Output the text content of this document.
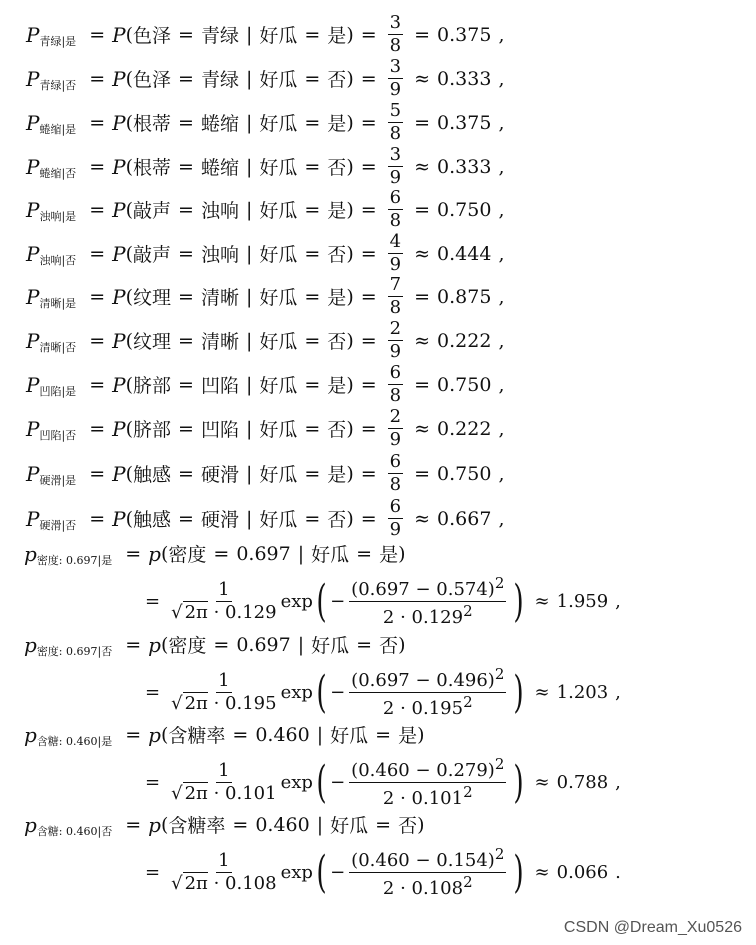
P 青绿|是 = P ( 色泽 = 青绿 | 好瓜 = 是 ) = $\frac{3}{8} = 0.375$ ,
P 青绿|否 = P ( 色泽 = 青绿 | 好瓜 = 否 ) = $\frac{3}{9} \approx 0.333$ ,
P 蜷缩|是 = P ( 根蒂 = 蜷缩 | 好瓜 = 是 ) = $\frac{5}{8} = 0.375$ ,
P 蜷缩|否 = P ( 根蒂 = 蜷缩 | 好瓜 = 否 ) = $\frac{3}{9} \approx 0.333$ ,
P 浊响|是 = P ( 敲声 = 浊响 | 好瓜 = 是 ) = $\frac{6}{8} = 0.750$ ,
P 浊响|否 = P ( 敲声 = 浊响 | 好瓜 = 否 ) = $\frac{4}{9} \approx 0.444$ ,
P 清晰|是 = P ( 纹理 = 清晰 | 好瓜 = 是 ) = $\frac{7}{8} = 0.875$ ,
P 清晰|否 = P ( 纹理 = 清晰 | 好瓜 = 否 ) = $\frac{2}{9} \approx 0.222$ ,
P 凹陷|是 = P ( 脐部 = 凹陷 | 好瓜 = 是 ) = $\frac{6}{8} = 0.750$ ,
P 凹陷|否 = P ( 脐部 = 凹陷 | 好瓜 = 否 ) = $\frac{2}{9} \approx 0.222$ ,
P 硬滑|是 = P ( 触感 = 硬滑 | 好瓜 = 是 ) = $\frac{6}{8} = 0.750$ ,
P 硬滑|否 = P ( 触感 = 硬滑 | 好瓜 = 否 ) = $\frac{6}{9} \approx 0.667$ ,
p 密度: 0.697|是 = p ( 密度 = 0.697 | 好瓜 = 是 )
= $\frac{1}{√ 2\pi \cdot 0.129}$ exp ( − $\frac{(0.697 - 0.574)^2}{2 \cdot 0.129^2}$ ) ≈ 1.959 ,
p 密度: 0.697|否 = p ( 密度 = 0.697 | 好瓜 = 否 )
= $\frac{1}{√ 2\pi \cdot 0.195}$ exp ( − $\frac{(0.697 - 0.496)^2}{2 \cdot 0.195^2}$ ) ≈ 1.203 ,
p 含糖: 0.460|是 = p ( 含糖率 = 0.460 | 好瓜 = 是 )
= $\frac{1}{√ 2\pi \cdot 0.101}$ exp ( − $\frac{(0.460 - 0.279)^2}{2 \cdot 0.101^2}$ ) ≈ 0.788 ,
p 含糖: 0.460|否 = p ( 含糖率 = 0.460 | 好瓜 = 否 )
= $\frac{1}{√ 2\pi \cdot 0.108}$ exp ( − $\frac{(0.460 - 0.154)^2}{2 \cdot 0.108^2}$ ) ≈ 0.066 .
CSDN @Dream_Xu0526
